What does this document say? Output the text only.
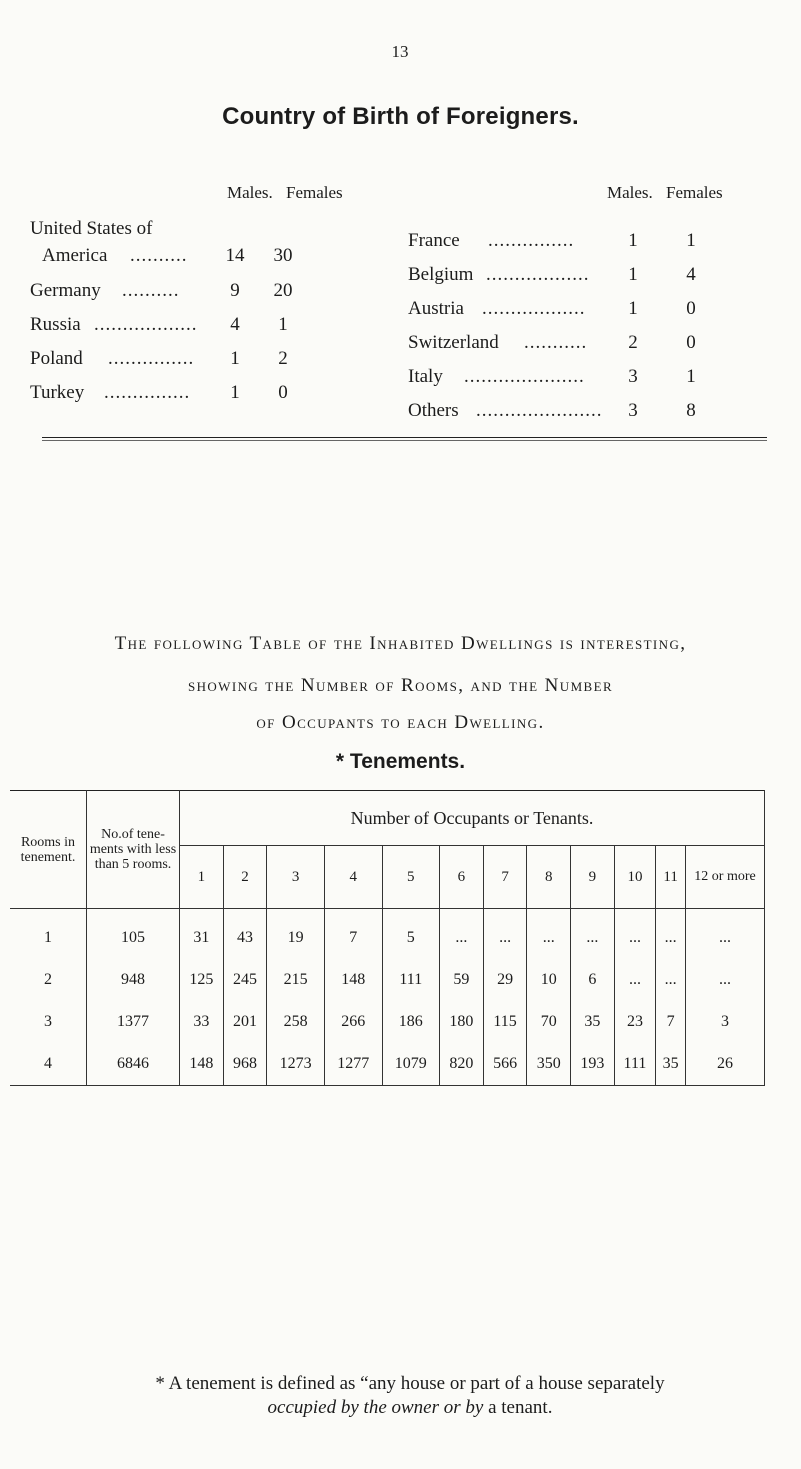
13
Country of Birth of Foreigners.
Males. Females	Males. Females
United States of
America .......... 14 30
Germany ..........	9	20
Russia ..................	4	1
Poland ...............	1	2
Turkey ...............	1	0
France ...............	1	1
Belgium ..................	1	4
Austria ..................	1	0
Switzerland ...........	2	0
Italy .....................	3	1
Others ......................	3	8
The following Table of the Inhabited Dwellings is interesting,
showing the Number of Rooms, and the Number
of Occupants to each Dwelling.
* Tenements.
Rooms in tenement.	No.of tene-ments with less than 5 rooms.	Number of Occupants or Tenants.											
		1	2	3	4	5	6	7	8	9	10	11	12 or more
1	105	31	43	19	7	5	...	...	...	...	...	...	...
2	948	125	245	215	148	111	59	29	10	6	...	...	...
3	1377	33	201	258	266	186	180	115	70	35	23	7	3
4	6846	148	968	1273	1277	1079	820	566	350	193	111	35	26
* A tenement is defined as “any house or part of a house separately
occupied by the owner or by a tenant.
